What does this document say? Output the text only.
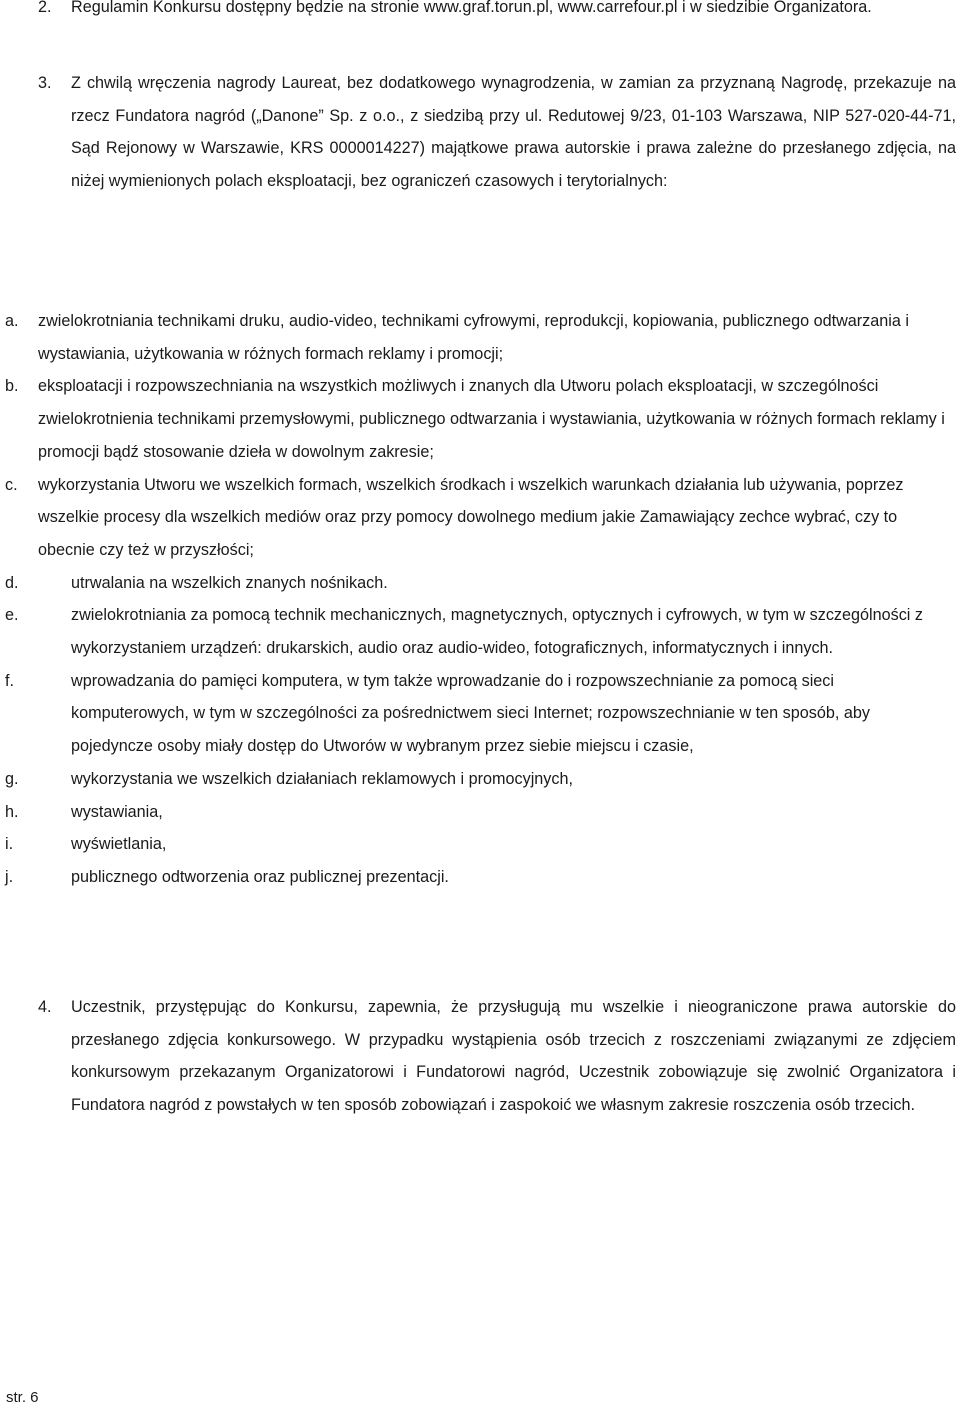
2. Regulamin Konkursu dostępny będzie na stronie www.graf.torun.pl, www.carrefour.pl i w siedzibie Organizatora.
3. Z chwilą wręczenia nagrody Laureat, bez dodatkowego wynagrodzenia, w zamian za przyznaną Nagrodę, przekazuje na rzecz Fundatora nagród („Danone” Sp. z o.o., z siedzibą przy ul. Redutowej 9/23, 01-103 Warszawa, NIP 527-020-44-71, Sąd Rejonowy w Warszawie, KRS 0000014227) majątkowe prawa autorskie i prawa zależne do przesłanego zdjęcia, na niżej wymienionych polach eksploatacji, bez ograniczeń czasowych i terytorialnych:
a. zwielokrotniania technikami druku, audio-video, technikami cyfrowymi, reprodukcji, kopiowania, publicznego odtwarzania i wystawiania, użytkowania w różnych formach reklamy i promocji;
b. eksploatacji i rozpowszechniania na wszystkich możliwych i znanych dla Utworu polach eksploatacji, w szczególności zwielokrotnienia technikami przemysłowymi, publicznego odtwarzania i wystawiania, użytkowania w różnych formach reklamy i promocji bądź stosowanie dzieła w dowolnym zakresie;
c. wykorzystania Utworu we wszelkich formach, wszelkich środkach i wszelkich warunkach działania lub używania, poprzez wszelkie procesy dla wszelkich mediów oraz przy pomocy dowolnego medium jakie Zamawiający zechce wybrać, czy to obecnie czy też w przyszłości;
d.	utrwalania na wszelkich znanych nośnikach.
e.	zwielokrotniania za pomocą technik mechanicznych, magnetycznych, optycznych i cyfrowych, w tym w szczególności z wykorzystaniem urządzeń: drukarskich, audio oraz audio-wideo, fotograficznych, informatycznych i innych.
f.	wprowadzania do pamięci komputera, w tym także wprowadzanie do i rozpowszechnianie za pomocą sieci komputerowych, w tym w szczególności za pośrednictwem sieci Internet; rozpowszechnianie w ten sposób, aby pojedyncze osoby miały dostęp do Utworów w wybranym przez siebie miejscu i czasie,
g.	wykorzystania we wszelkich działaniach reklamowych i promocyjnych,
h.	wystawiania,
i.	wyświetlania,
j.	publicznego odtworzenia oraz publicznej prezentacji.
4. Uczestnik, przystępując do Konkursu, zapewnia, że przysługują mu wszelkie i nieograniczone prawa autorskie do przesłanego zdjęcia konkursowego. W przypadku wystąpienia osób trzecich z roszczeniami związanymi ze zdjęciem konkursowym przekazanym Organizatorowi i Fundatorowi nagród, Uczestnik zobowiązuje się zwolnić Organizatora i Fundatora nagród z powstałych w ten sposób zobowiązań i zaspokoić we własnym zakresie roszczenia osób trzecich.
str. 6
